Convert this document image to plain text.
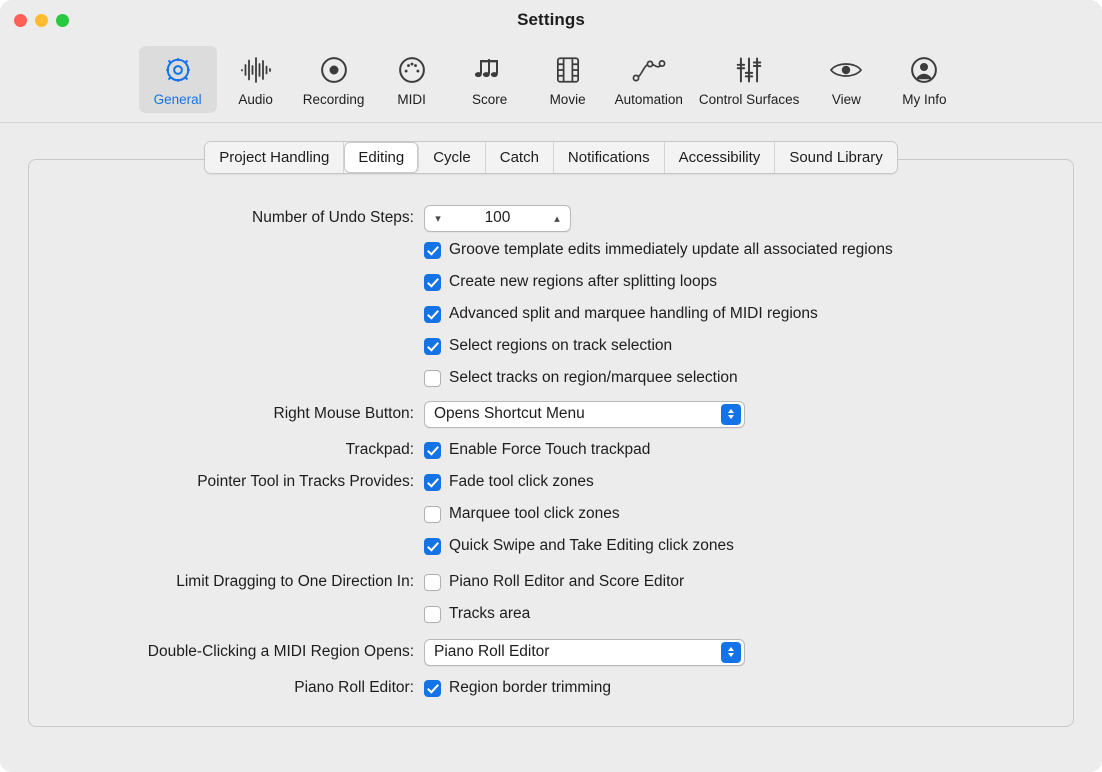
Settings
General	Audio Recording MIDI	Score	Movie Automation Control Surfaces View	My Info
Project Handling	Editing	Cycle	Catch	Notifications	Accessibility	Sound Library
Number of Undo Steps:	▾	100	▴
Groove template edits immediately update all associated regions
Create new regions after splitting loops
Advanced split and marquee handling of MIDI regions
Select regions on track selection
Select tracks on region/marquee selection
Right Mouse Button:	Opens Shortcut Menu
Trackpad:	Enable Force Touch trackpad
Pointer Tool in Tracks Provides:	Fade tool click zones
Marquee tool click zones
Quick Swipe and Take Editing click zones
Limit Dragging to One Direction In:	Piano Roll Editor and Score Editor
Tracks area
Double-Clicking a MIDI Region Opens:	Piano Roll Editor
Piano Roll Editor:	Region border trimming
